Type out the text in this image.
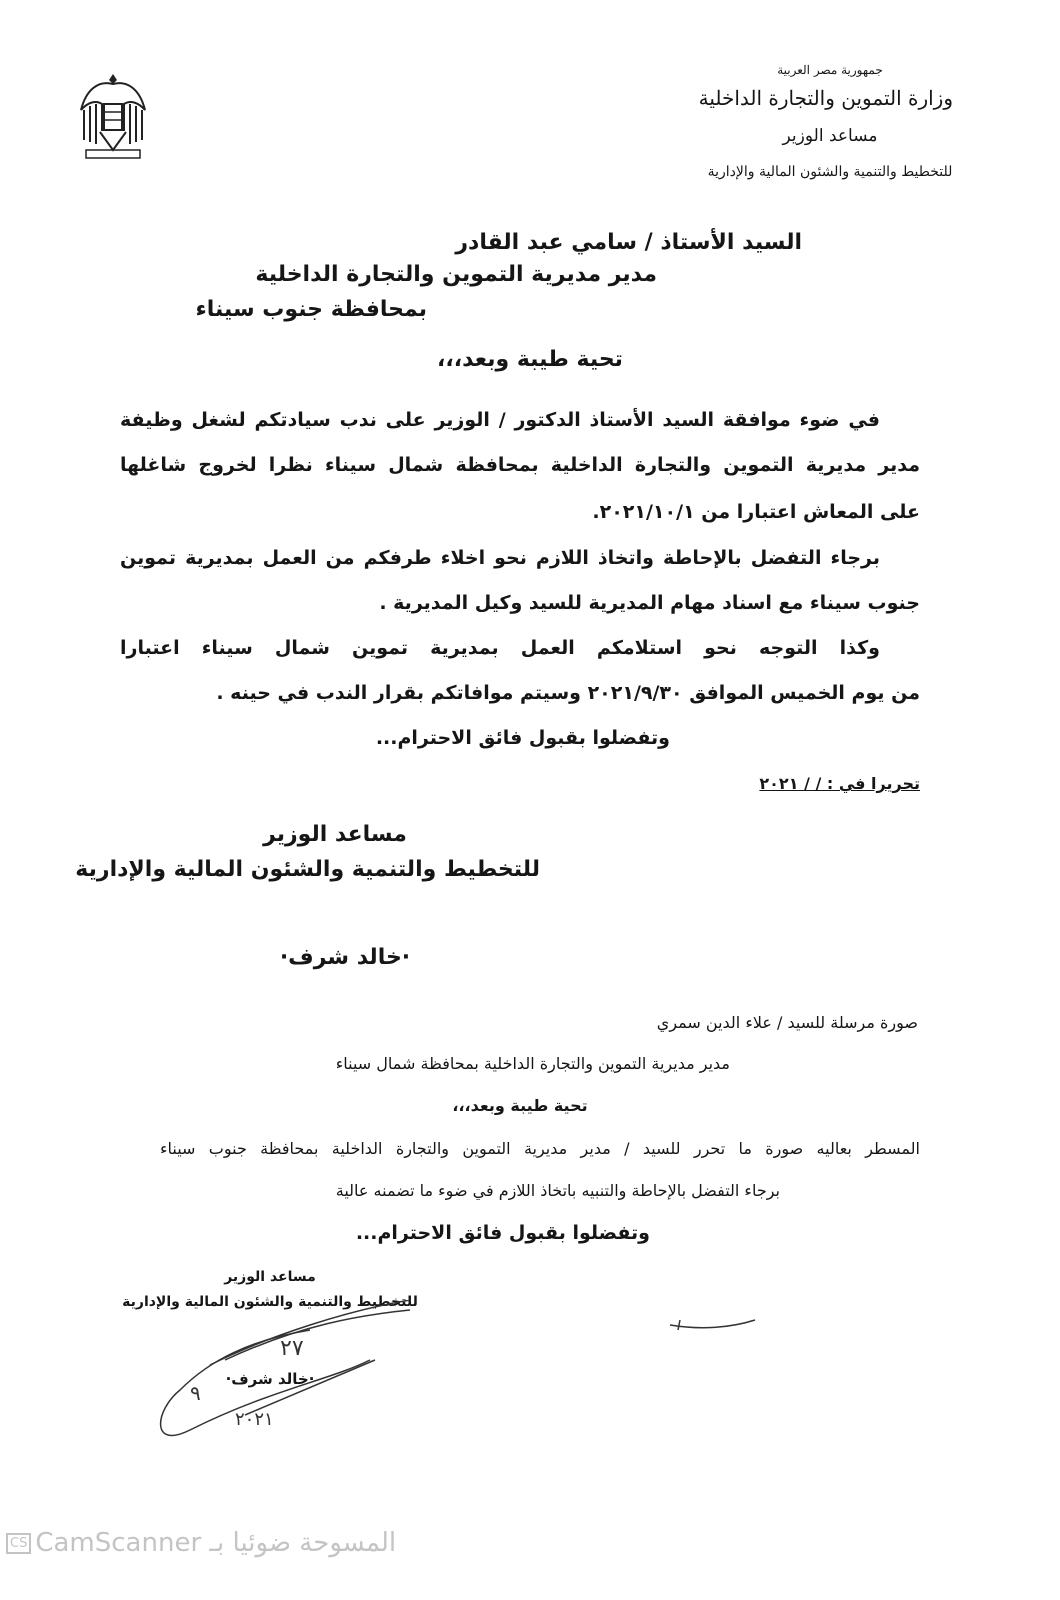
جمهورية مصر العربية
وزارة التموين والتجارة الداخلية
مساعد الوزير
للتخطيط والتنمية والشئون المالية والإدارية
السيد الأستاذ / سامي عبد القادر
مدير مديرية التموين والتجارة الداخلية
بمحافظة جنوب سيناء
تحية طيبة وبعد،،،
في ضوء موافقة السيد الأستاذ الدكتور / الوزير على ندب سيادتكم لشغل وظيفة
مدير مديرية التموين والتجارة الداخلية بمحافظة شمال سيناء نظرا لخروج شاغلها
على المعاش اعتبارا من ٢٠٢١/١٠/١.
برجاء التفضل بالإحاطة واتخاذ اللازم نحو اخلاء طرفكم من العمل بمديرية تموين
جنوب سيناء مع اسناد مهام المديرية للسيد وكيل المديرية .
وكذا التوجه نحو استلامكم العمل بمديرية تموين شمال سيناء اعتبارا
من يوم الخميس الموافق ٢٠٢١/٩/٣٠ وسيتم موافاتكم بقرار الندب في حينه .
وتفضلوا بقبول فائق الاحترام...
تحريرا في : / / ٢٠٢١
مساعد الوزير
للتخطيط والتنمية والشئون المالية والإدارية
·خالد شرف·
صورة مرسلة للسيد / علاء الدين سمري
مدير مديرية التموين والتجارة الداخلية بمحافظة شمال سيناء
تحية طيبة وبعد،،،
المسطر بعاليه صورة ما تحرر للسيد / مدير مديرية التموين والتجارة الداخلية بمحافظة جنوب سيناء
برجاء التفضل بالإحاطة والتنبيه باتخاذ اللازم في ضوء ما تضمنه عالية
وتفضلوا بقبول فائق الاحترام...
مساعد الوزير
للتخطيط والتنمية والشئون المالية والإدارية
·خالد شرف·
٢٧
٩
٢٠٢١
CS CamScanner المسوحة ضوئيا بـ
